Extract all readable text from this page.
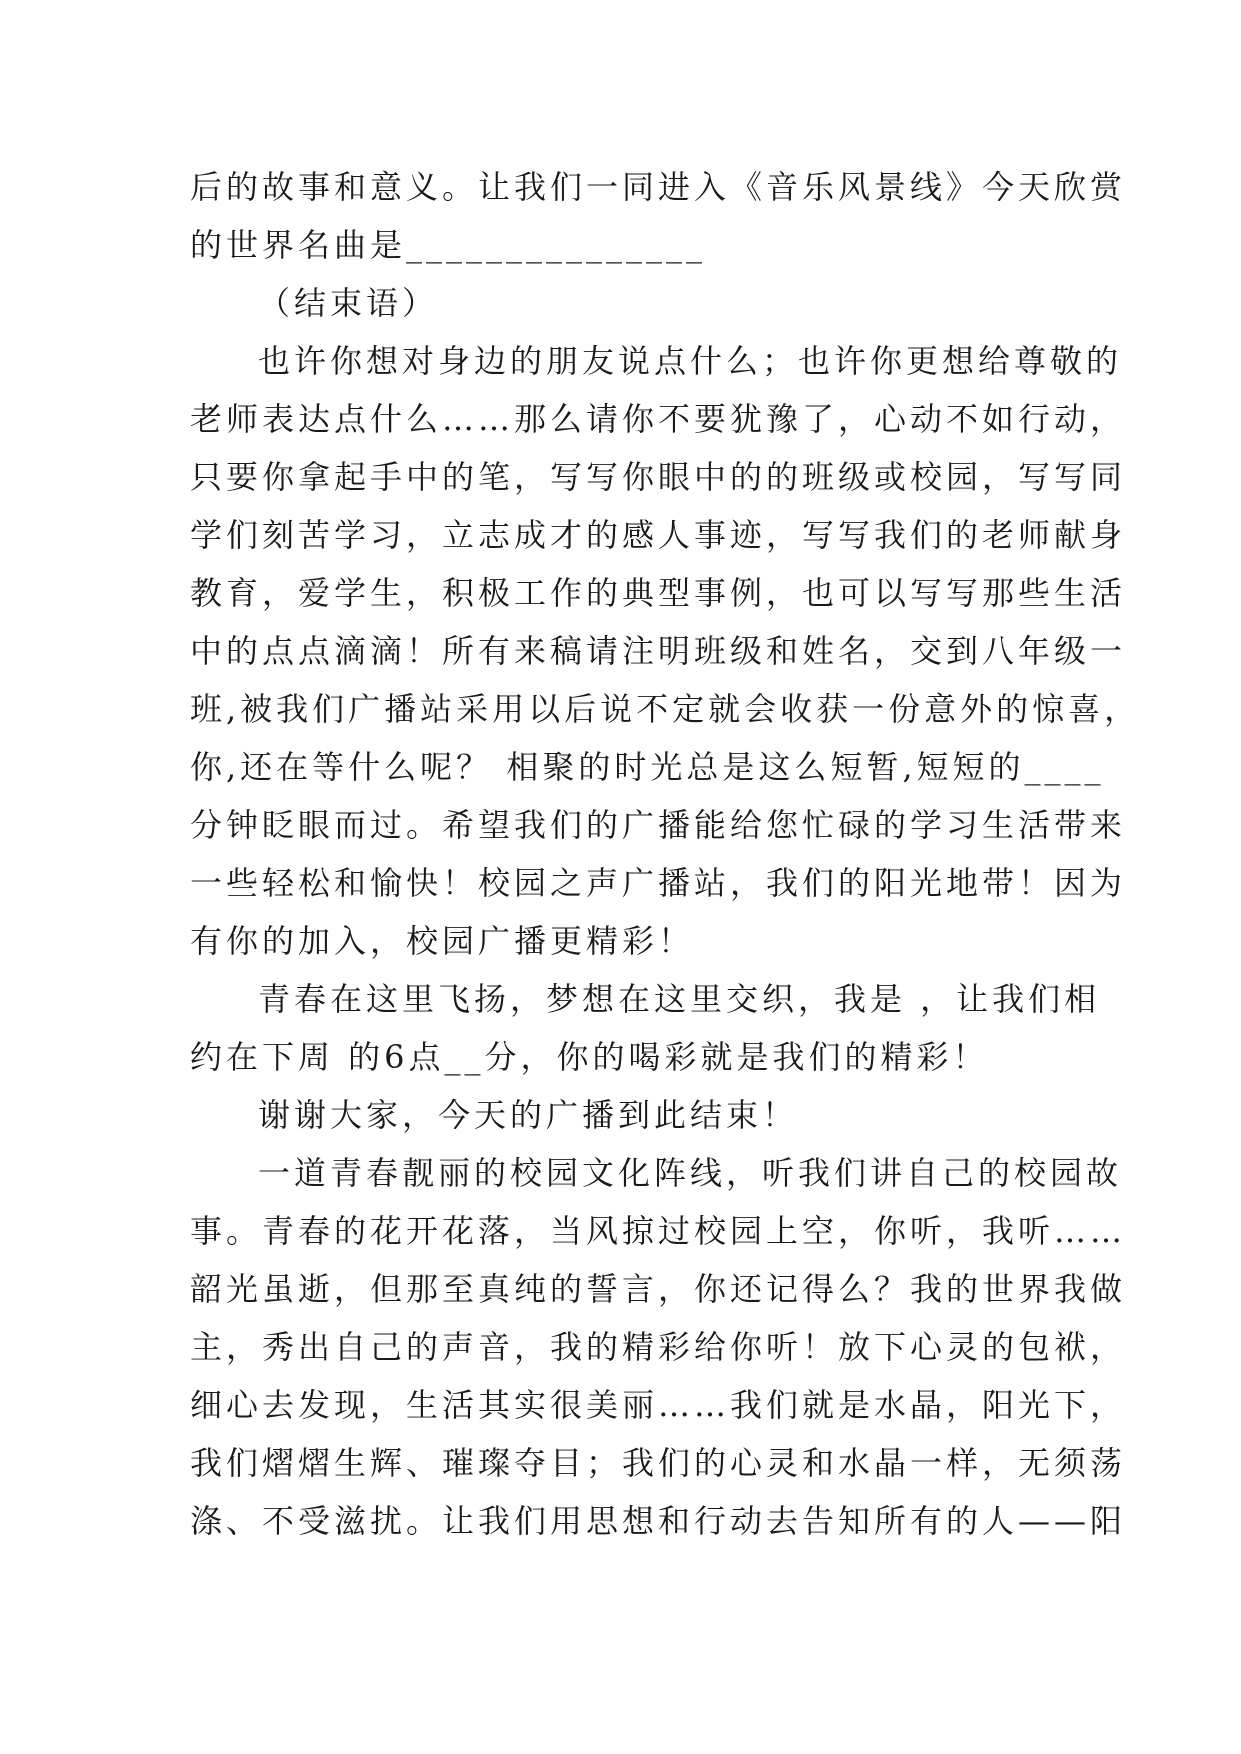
后的故事和意义。让我们一同进入《音乐风景线》今天欣赏
的世界名曲是_______________
（结束语）
也许你想对身边的朋友说点什么；也许你更想给尊敬的
老师表达点什么……那么请你不要犹豫了，心动不如行动，
只要你拿起手中的笔，写写你眼中的的班级或校园，写写同
学们刻苦学习，立志成才的感人事迹，写写我们的老师献身
教育，爱学生，积极工作的典型事例，也可以写写那些生活
中的点点滴滴！所有来稿请注明班级和姓名，交到八年级一
班,被我们广播站采用以后说不定就会收获一份意外的惊喜，
你,还在等什么呢？ 相聚的时光总是这么短暂,短短的____
分钟眨眼而过。希望我们的广播能给您忙碌的学习生活带来
一些轻松和愉快！校园之声广播站，我们的阳光地带！因为
有你的加入，校园广播更精彩！
青春在这里飞扬，梦想在这里交织，我是 ，让我们相
约在下周 的6点__分，你的喝彩就是我们的精彩！
谢谢大家，今天的广播到此结束！
一道青春靓丽的校园文化阵线，听我们讲自己的校园故
事。青春的花开花落，当风掠过校园上空，你听，我听……
韶光虽逝，但那至真纯的誓言，你还记得么？我的世界我做
主，秀出自己的声音，我的精彩给你听！放下心灵的包袱，
细心去发现，生活其实很美丽……我们就是水晶，阳光下，
我们熠熠生辉、璀璨夺目；我们的心灵和水晶一样，无须荡
涤、不受滋扰。让我们用思想和行动去告知所有的人——阳
